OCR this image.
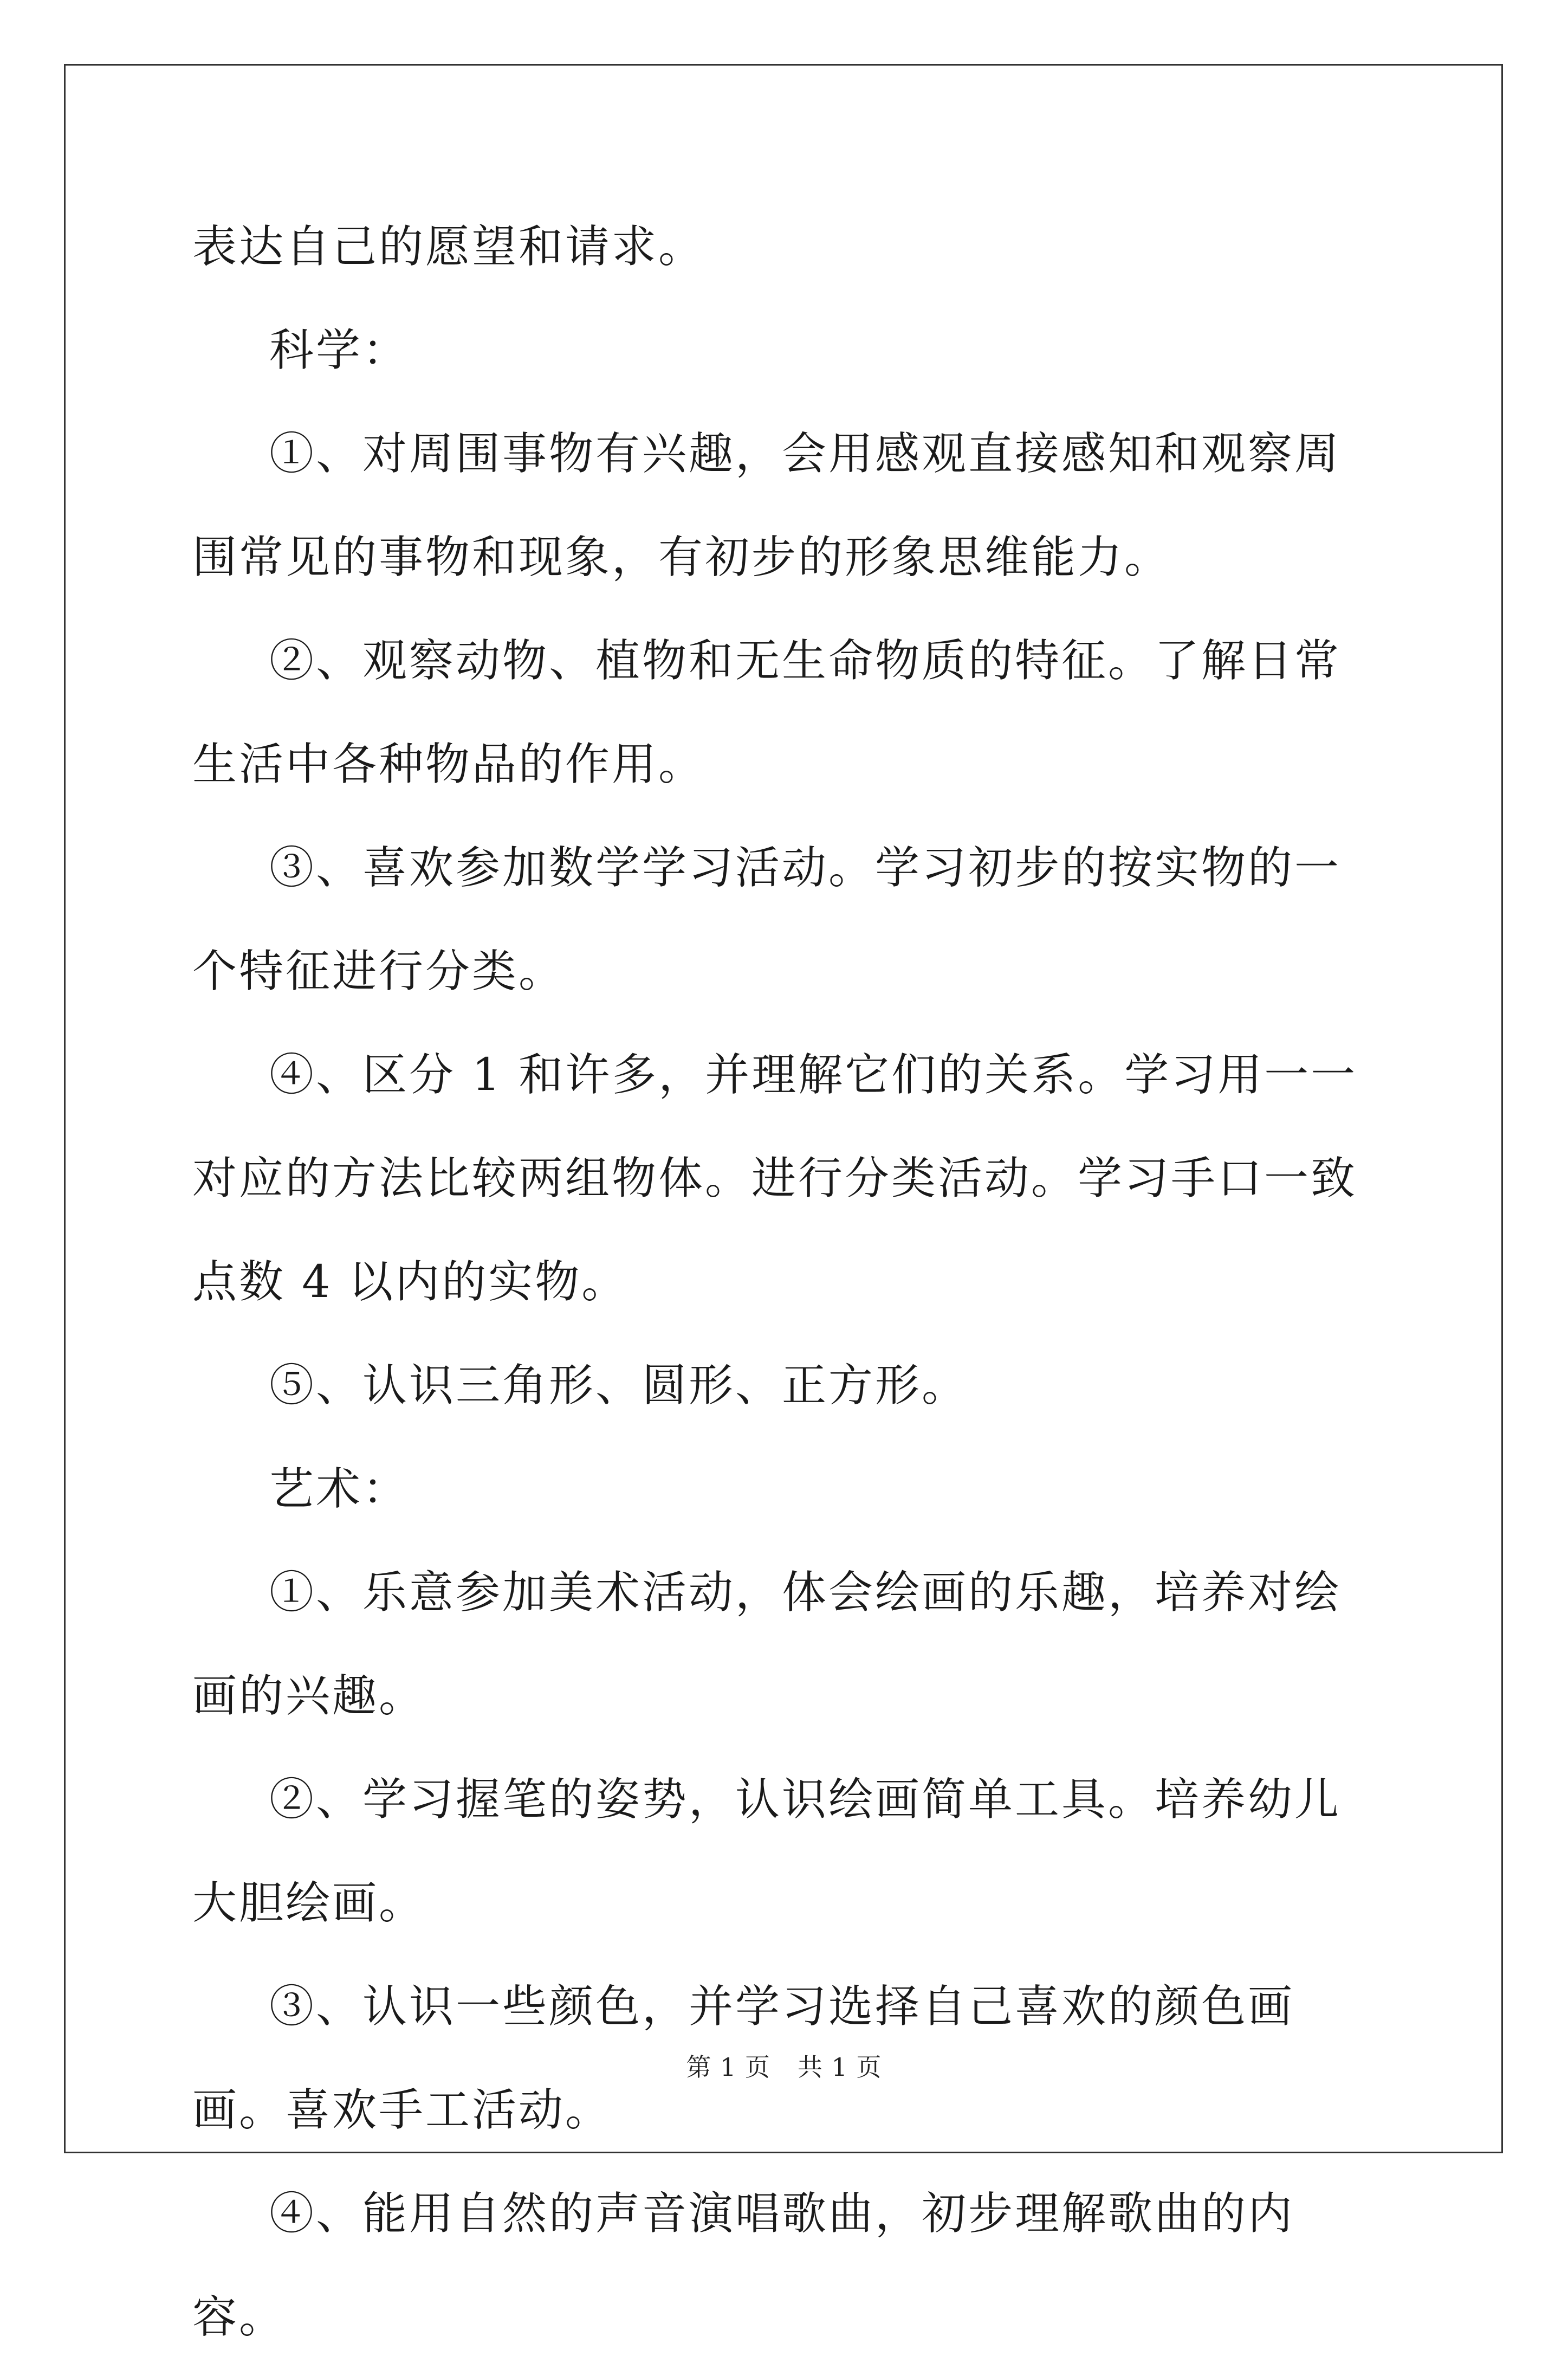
表达自己的愿望和请求。

科学：

①、对周围事物有兴趣，会用感观直接感知和观察周围常见的事物和现象，有初步的形象思维能力。

②、观察动物、植物和无生命物质的特征。了解日常生活中各种物品的作用。

③、喜欢参加数学学习活动。学习初步的按实物的一个特征进行分类。

④、区分 1 和许多，并理解它们的关系。学习用一一对应的方法比较两组物体。进行分类活动。学习手口一致点数 4 以内的实物。

⑤、认识三角形、圆形、正方形。

艺术：

①、乐意参加美术活动，体会绘画的乐趣，培养对绘画的兴趣。

②、学习握笔的姿势，认识绘画简单工具。培养幼儿大胆绘画。

③、认识一些颜色，并学习选择自己喜欢的颜色画画。喜欢手工活动。

④、能用自然的声音演唱歌曲，初步理解歌曲的内容。

第 1 页 共 1 页
